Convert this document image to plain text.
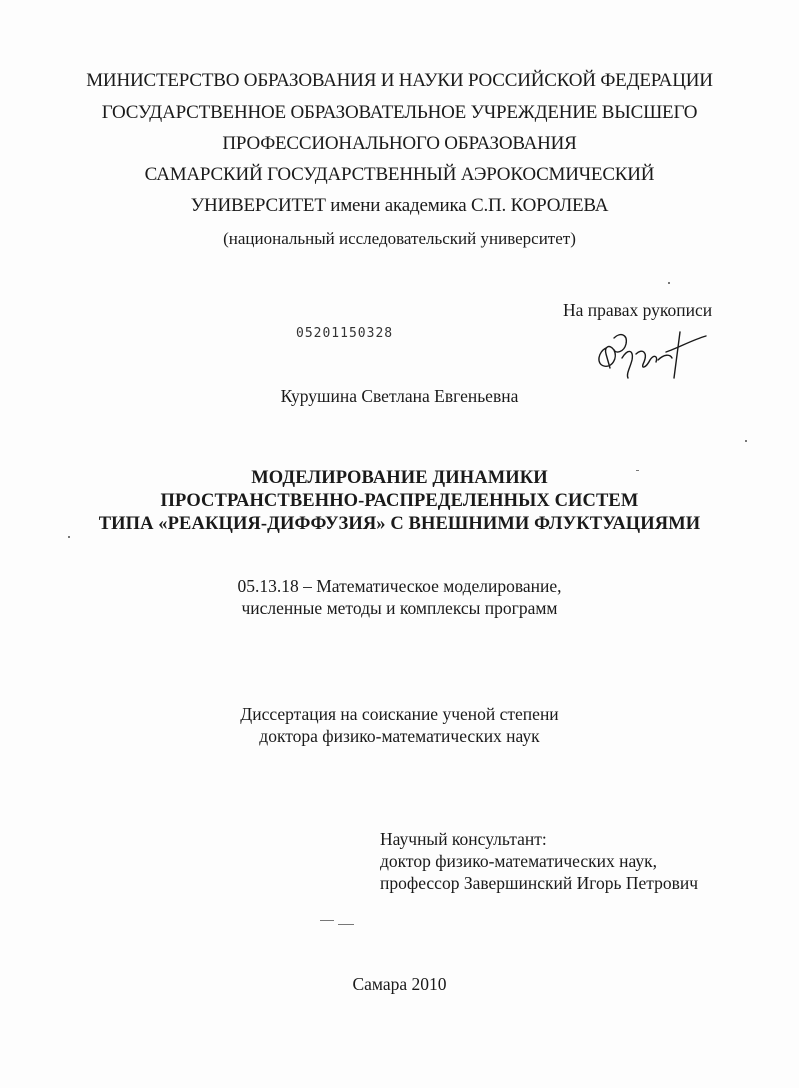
МИНИСТЕРСТВО ОБРАЗОВАНИЯ И НАУКИ РОССИЙСКОЙ ФЕДЕРАЦИИ
ГОСУДАРСТВЕННОЕ ОБРАЗОВАТЕЛЬНОЕ УЧРЕЖДЕНИЕ ВЫСШЕГО
ПРОФЕССИОНАЛЬНОГО ОБРАЗОВАНИЯ
САМАРСКИЙ ГОСУДАРСТВЕННЫЙ АЭРОКОСМИЧЕСКИЙ
УНИВЕРСИТЕТ имени академика С.П. КОРОЛЕВА
(национальный исследовательский университет)
На правах рукописи
05201150328
Курушина Светлана Евгеньевна
МОДЕЛИРОВАНИЕ ДИНАМИКИ
ПРОСТРАНСТВЕННО-РАСПРЕДЕЛЕННЫХ СИСТЕМ
ТИПА «РЕАКЦИЯ-ДИФФУЗИЯ» С ВНЕШНИМИ ФЛУКТУАЦИЯМИ
05.13.18 – Математическое моделирование,
численные методы и комплексы программ
Диссертация на соискание ученой степени
доктора физико-математических наук
Научный консультант:
доктор физико-математических наук,
профессор Завершинский Игорь Петрович
Самара 2010
